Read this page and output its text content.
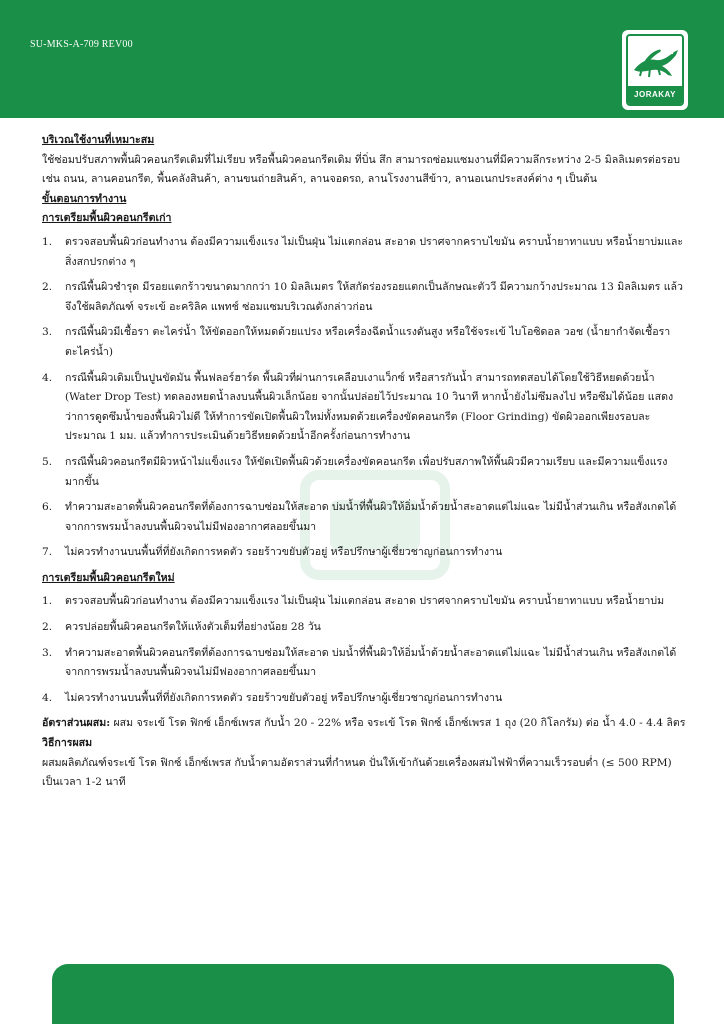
SU-MKS-A-709 REV00
JORAKAY
บริเวณใช้งานที่เหมาะสม
ใช้ซ่อมปรับสภาพพื้นผิวคอนกรีตเดิมที่ไม่เรียบ หรือพื้นผิวคอนกรีตเดิม ที่บิ่น สึก สามารถซ่อมแซมงานที่มีความลึกระหว่าง 2-5 มิลลิเมตรต่อรอบ เช่น ถนน, ลานคอนกรีต, พื้นคลังสินค้า, ลานขนถ่ายสินค้า, ลานจอดรถ, ลานโรงงานสีข้าว, ลานอเนกประสงค์ต่าง ๆ เป็นต้น
ขั้นตอนการทำงาน
การเตรียมพื้นผิวคอนกรีตเก่า
1. ตรวจสอบพื้นผิวก่อนทำงาน ต้องมีความแข็งแรง ไม่เป็นฝุ่น ไม่แตกล่อน สะอาด ปราศจากคราบไขมัน คราบน้ำยาทาแบบ หรือน้ำยาบ่มและสิ่งสกปรกต่าง ๆ
2. กรณีพื้นผิวชำรุด มีรอยแตกร้าวขนาดมากกว่า 10 มิลลิเมตร ให้สกัดร่องรอยแตกเป็นลักษณะตัววี มีความกว้างประมาณ 13 มิลลิเมตร แล้วจึงใช้ผลิตภัณฑ์ จระเข้ อะคริลิค แพทช์ ซ่อมแซมบริเวณดังกล่าวก่อน
3. กรณีพื้นผิวมีเชื้อรา ตะไคร่น้ำ ให้ขัดออกให้หมดด้วยแปรง หรือเครื่องฉีดน้ำแรงดันสูง หรือใช้จระเข้ ไบโอซิดอล วอช (น้ำยากำจัดเชื้อราตะไคร่น้ำ)
4. กรณีพื้นผิวเดิมเป็นปูนขัดมัน พื้นฟลอร์ฮาร์ด พื้นผิวที่ผ่านการเคลือบเงาแว็กซ์ หรือสารกันน้ำ สามารถทดสอบได้โดยใช้วิธีหยดด้วยน้ำ (Water Drop Test) ทดลองหยดน้ำลงบนพื้นผิวเล็กน้อย จากนั้นปล่อยไว้ประมาณ 10 วินาที หากน้ำยังไม่ซึมลงไป หรือซึมได้น้อย แสดงว่าการดูดซึมน้ำของพื้นผิวไม่ดี ให้ทำการขัดเปิดพื้นผิวใหม่ทั้งหมดด้วยเครื่องขัดคอนกรีต (Floor Grinding) ขัดผิวออกเพียงรอบละประมาณ 1 มม. แล้วทำการประเมินด้วยวิธีหยดด้วยน้ำอีกครั้งก่อนการทำงาน
5. กรณีพื้นผิวคอนกรีตมีผิวหน้าไม่แข็งแรง ให้ขัดเปิดพื้นผิวด้วยเครื่องขัดคอนกรีต เพื่อปรับสภาพให้พื้นผิวมีความเรียบ และมีความแข็งแรงมากขึ้น
6. ทำความสะอาดพื้นผิวคอนกรีตที่ต้องการฉาบซ่อมให้สะอาด บ่มน้ำที่พื้นผิวให้อิ่มน้ำด้วยน้ำสะอาดแต่ไม่แฉะ ไม่มีน้ำส่วนเกิน หรือสังเกตได้จากการพรมน้ำลงบนพื้นผิวจนไม่มีฟองอากาศลอยขึ้นมา
7. ไม่ควรทำงานบนพื้นที่ที่ยังเกิดการหดตัว รอยร้าวขยับตัวอยู่ หรือปรึกษาผู้เชี่ยวชาญก่อนการทำงาน
การเตรียมพื้นผิวคอนกรีตใหม่
1. ตรวจสอบพื้นผิวก่อนทำงาน ต้องมีความแข็งแรง ไม่เป็นฝุ่น ไม่แตกล่อน สะอาด ปราศจากคราบไขมัน คราบน้ำยาทาแบบ หรือน้ำยาบ่ม
2. ควรปล่อยพื้นผิวคอนกรีตให้แห้งตัวเต็มที่อย่างน้อย 28 วัน
3. ทำความสะอาดพื้นผิวคอนกรีตที่ต้องการฉาบซ่อมให้สะอาด บ่มน้ำที่พื้นผิวให้อิ่มน้ำด้วยน้ำสะอาดแต่ไม่แฉะ ไม่มีน้ำส่วนเกิน หรือสังเกตได้จากการพรมน้ำลงบนพื้นผิวจนไม่มีฟองอากาศลอยขึ้นมา
4. ไม่ควรทำงานบนพื้นที่ที่ยังเกิดการหดตัว รอยร้าวขยับตัวอยู่ หรือปรึกษาผู้เชี่ยวชาญก่อนการทำงาน
อัตราส่วนผสม: ผสม จระเข้ โรด ฟิกซ์ เอ็กซ์เพรส กับน้ำ 20 - 22% หรือ จระเข้ โรด ฟิกซ์ เอ็กซ์เพรส 1 ถุง (20 กิโลกรัม) ต่อ น้ำ 4.0 - 4.4 ลิตร
วิธีการผสม
ผสมผลิตภัณฑ์จระเข้ โรด ฟิกซ์ เอ็กซ์เพรส กับน้ำตามอัตราส่วนที่กำหนด ปั่นให้เข้ากันด้วยเครื่องผสมไฟฟ้าที่ความเร็วรอบต่ำ (≤ 500 RPM) เป็นเวลา 1-2 นาที
